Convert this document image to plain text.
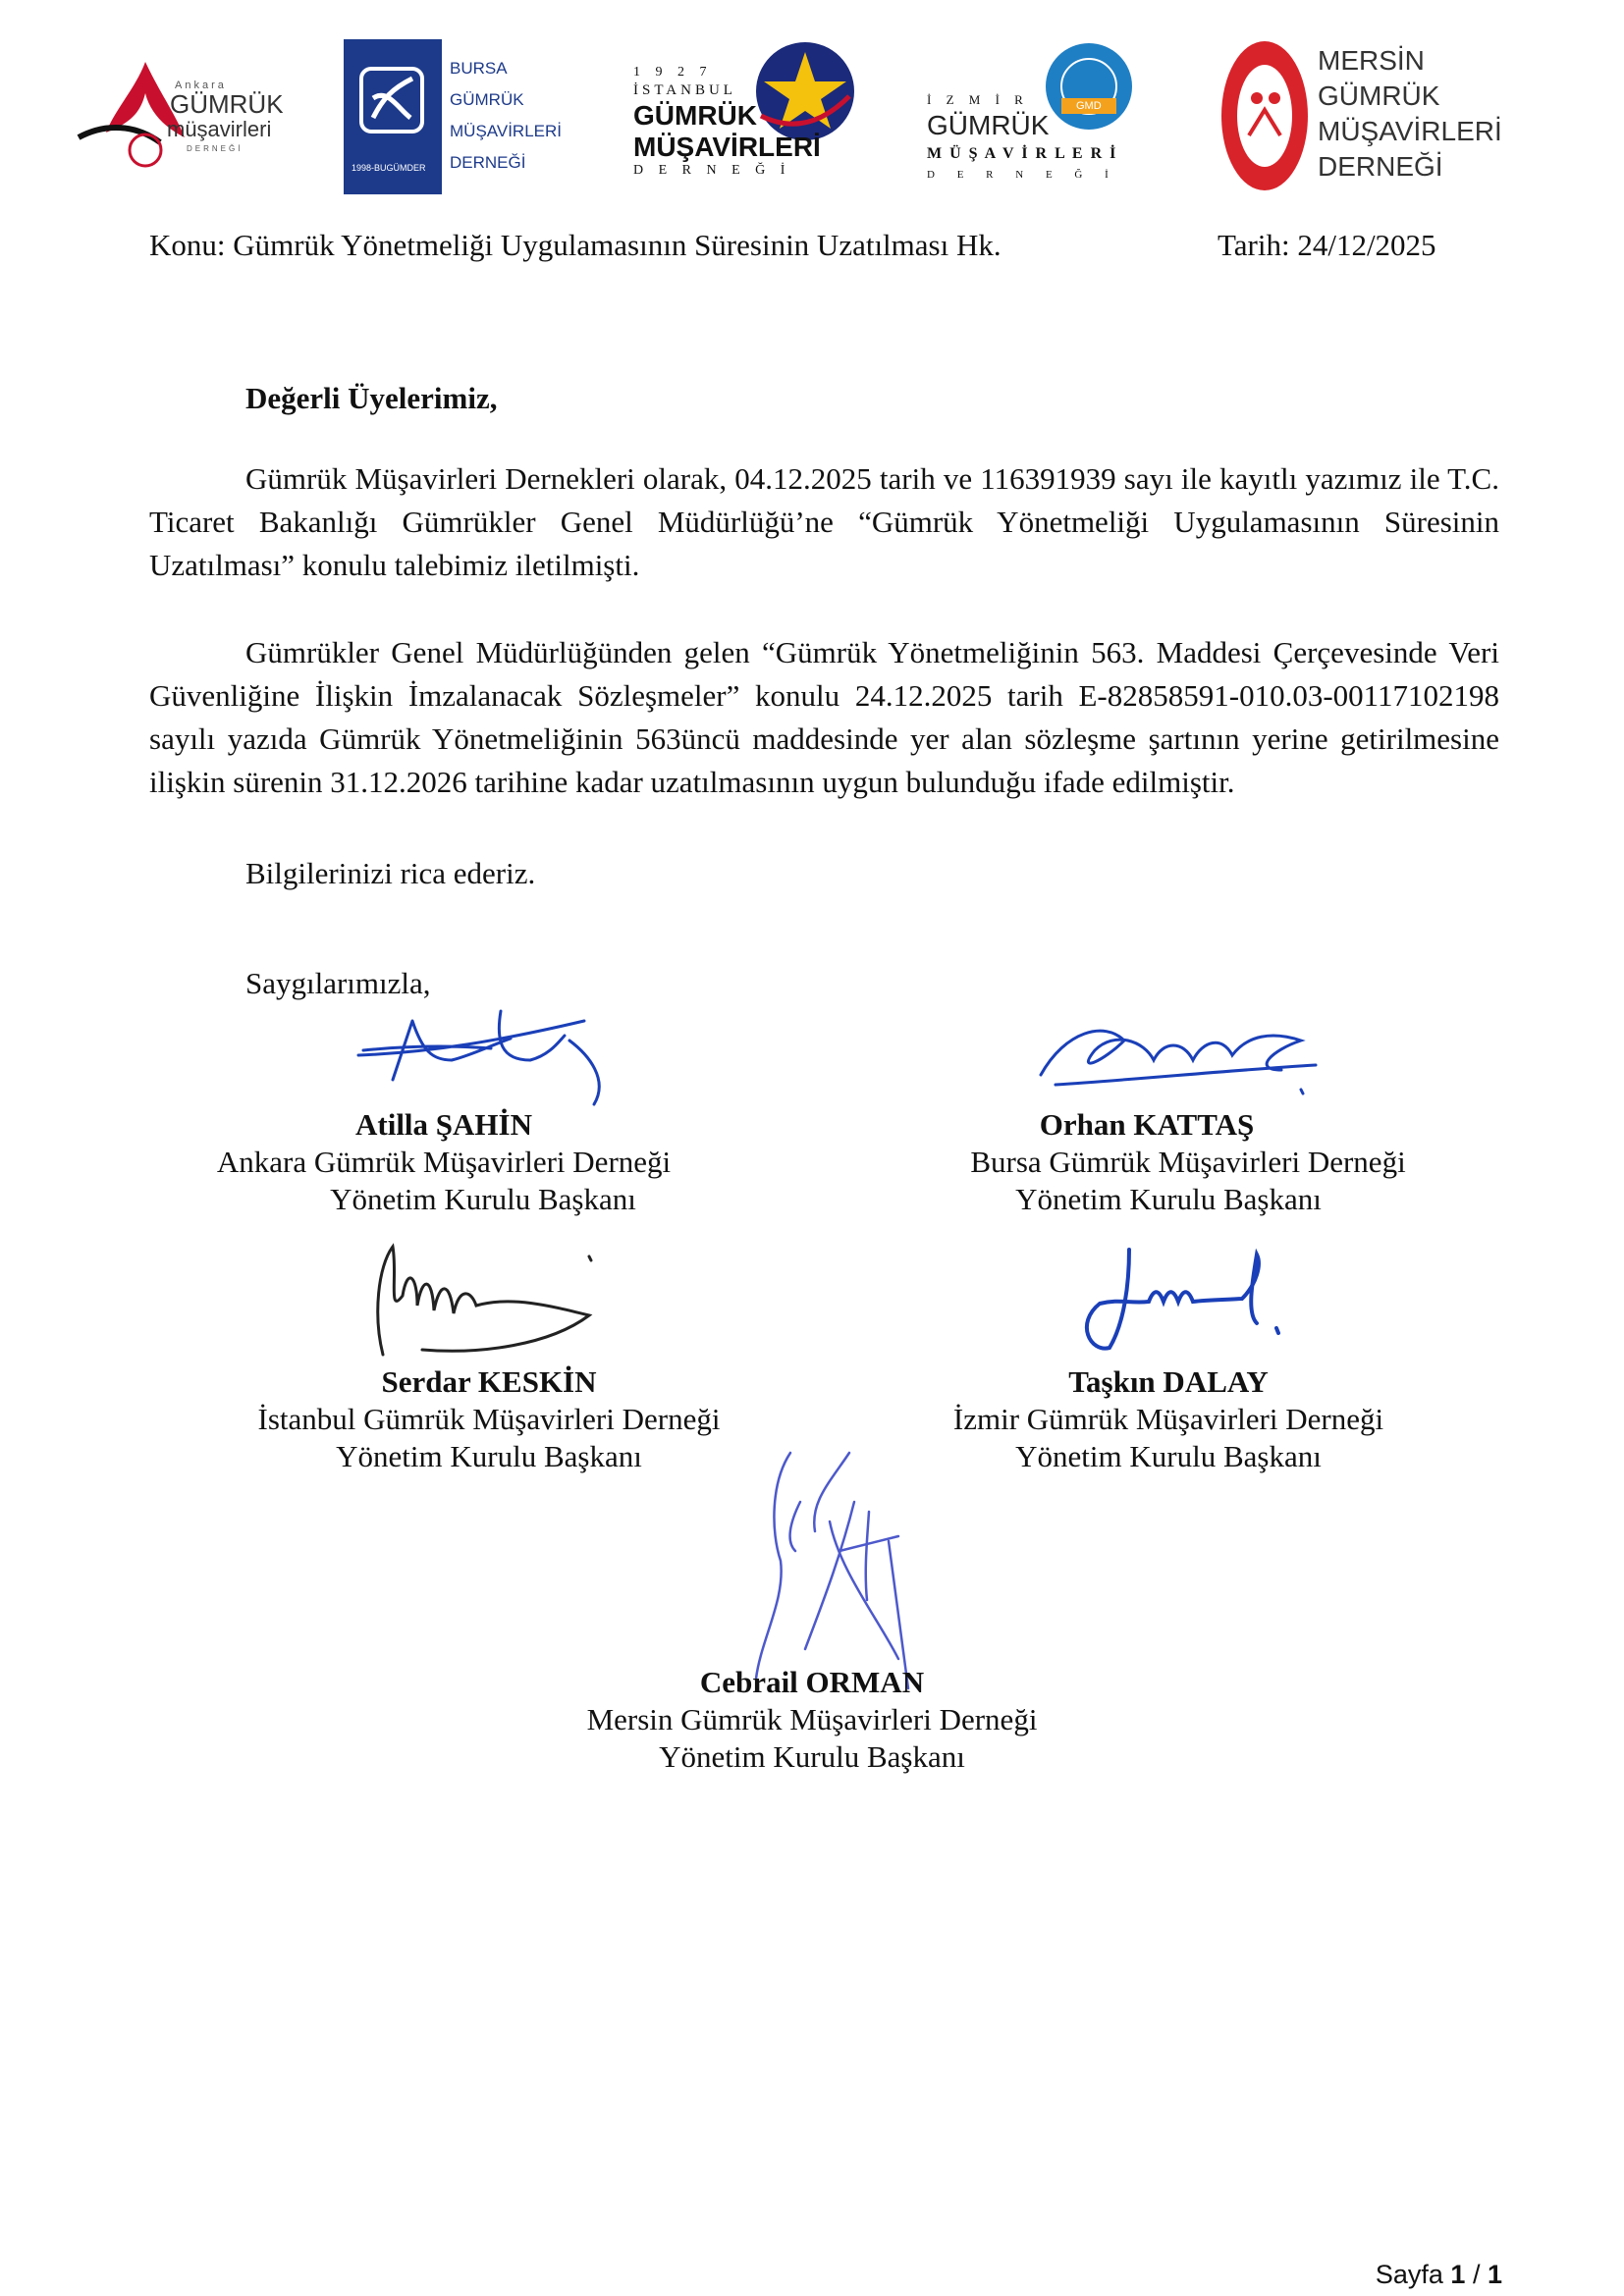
Ankara
GÜMRÜK
müşavirleri
DERNEĞİ
1998-BUGÜMDER
BURSA
GÜMRÜK
MÜŞAVİRLERİ
DERNEĞİ
1 9 2 7
İSTANBUL
GÜMRÜK
MÜŞAVİRLERİ
D E R N E Ğ İ
GMD
İ Z M İ R
GÜMRÜK
M Ü Ş A V İ R L E R İ
D E R N E Ğ İ
MERSİN
GÜMRÜK
MÜŞAVİRLERİ
DERNEĞİ
Konu: Gümrük Yönetmeliği Uygulamasının Süresinin Uzatılması Hk.	Tarih: 24/12/2025
Değerli Üyelerimiz,

Gümrük Müşavirleri Dernekleri olarak, 04.12.2025 tarih ve 116391939 sayı ile kayıtlı yazımız ile T.C. Ticaret Bakanlığı Gümrükler Genel Müdürlüğü’ne “Gümrük Yönetmeliği Uygulamasının Süresinin Uzatılması” konulu talebimiz iletilmişti.

Gümrükler Genel Müdürlüğünden gelen “Gümrük Yönetmeliğinin 563. Maddesi Çerçevesinde Veri Güvenliğine İlişkin İmzalanacak Sözleşmeler” konulu 24.12.2025 tarih E-82858591-010.03-00117102198 sayılı yazıda Gümrük Yönetmeliğinin 563üncü maddesinde yer alan sözleşme şartının yerine getirilmesine ilişkin sürenin 31.12.2026 tarihine kadar uzatılmasının uygun bulunduğu ifade edilmiştir.

Bilgilerinizi rica ederiz.
Saygılarımızla,
Atilla ŞAHİN
Ankara Gümrük Müşavirleri Derneği
Yönetim Kurulu Başkanı
Orhan KATTAŞ
Bursa Gümrük Müşavirleri Derneği
Yönetim Kurulu Başkanı
Serdar KESKİN
İstanbul Gümrük Müşavirleri Derneği
Yönetim Kurulu Başkanı
Taşkın DALAY
İzmir Gümrük Müşavirleri Derneği
Yönetim Kurulu Başkanı
Cebrail ORMAN
Mersin Gümrük Müşavirleri Derneği
Yönetim Kurulu Başkanı
Sayfa 1 / 1
